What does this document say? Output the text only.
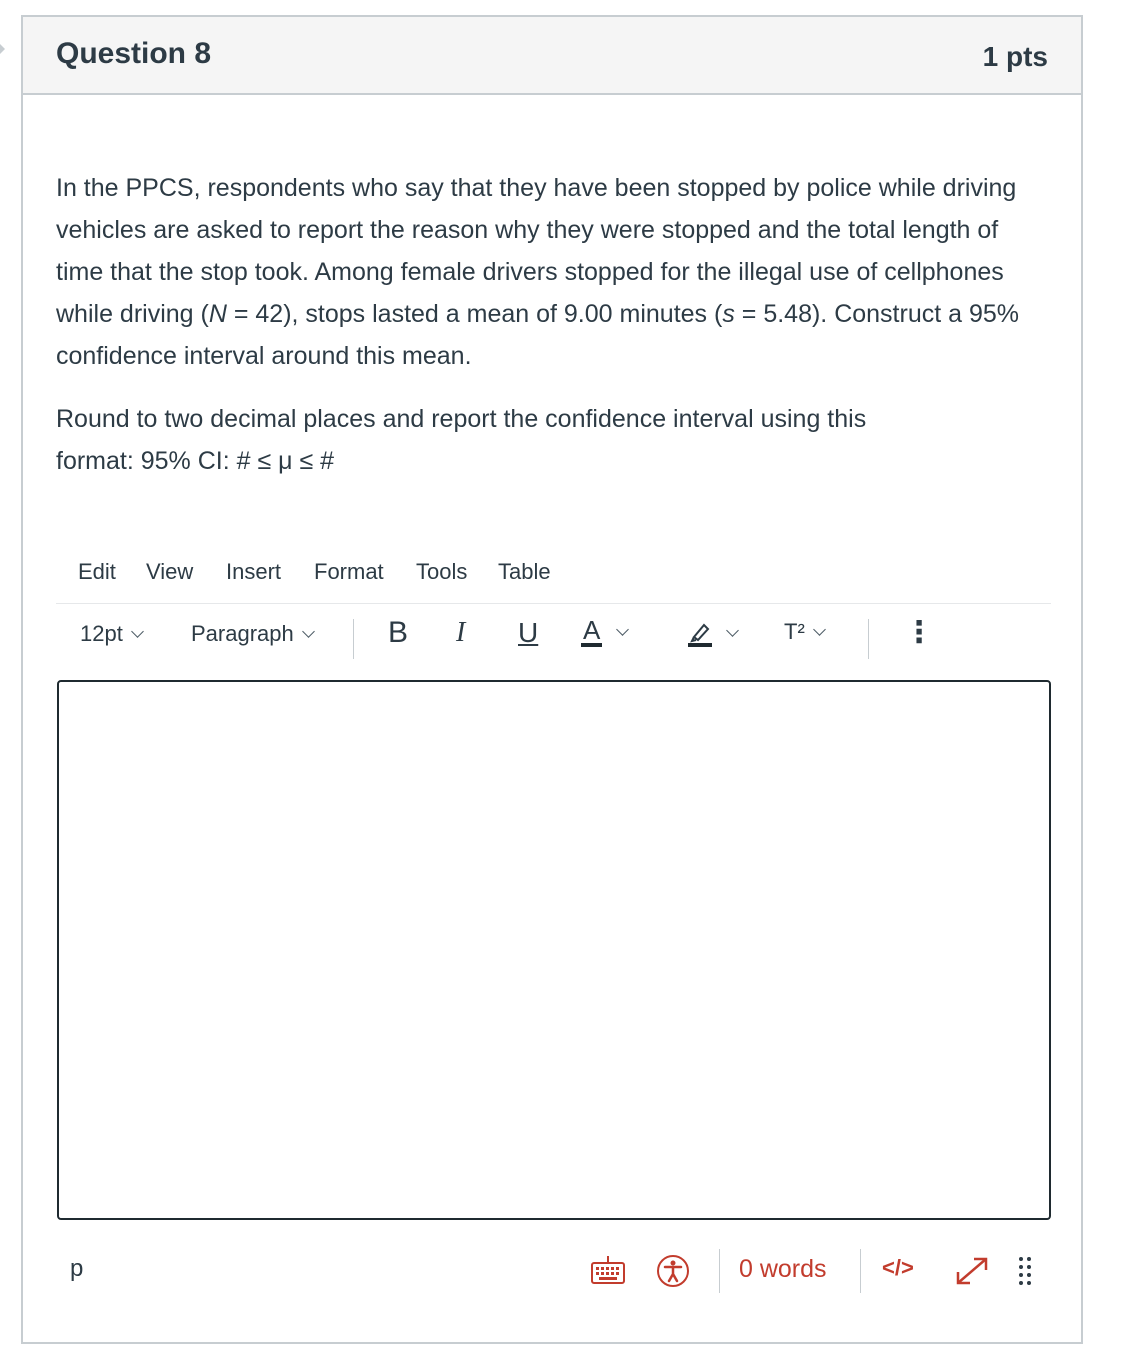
Question 8	1 pts

In the PPCS, respondents who say that they have been stopped by police while driving vehicles are asked to report the reason why they were stopped and the total length of time that the stop took. Among female drivers stopped for the illegal use of cellphones while driving (N = 42), stops lasted a mean of 9.00 minutes (s = 5.48). Construct a 95% confidence interval around this mean.

Round to two decimal places and report the confidence interval using this
format: 95% CI: # ≤ μ ≤ #

Edit View Insert Format Tools Table
12pt	Paragraph	B I U A	T²	⋮
p	0 words	</>
